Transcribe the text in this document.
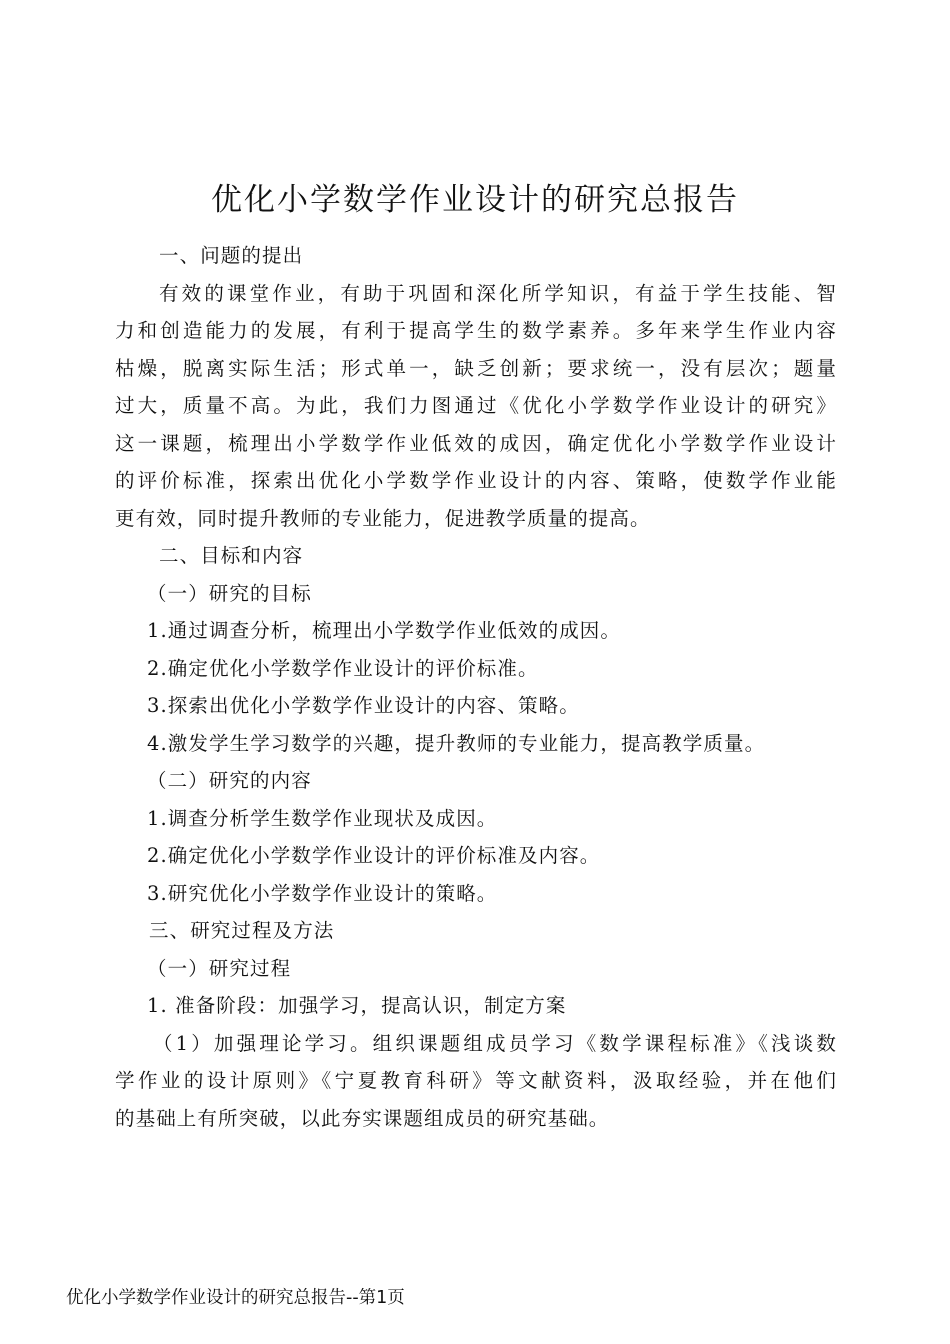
优化小学数学作业设计的研究总报告

一、问题的提出

有效的课堂作业，有助于巩固和深化所学知识，有益于学生技能、智

力和创造能力的发展，有利于提高学生的数学素养。多年来学生作业内容

枯燥，脱离实际生活；形式单一，缺乏创新；要求统一，没有层次；题量

过大，质量不高。为此，我们力图通过《优化小学数学作业设计的研究》

这一课题，梳理出小学数学作业低效的成因，确定优化小学数学作业设计

的评价标准，探索出优化小学数学作业设计的内容、策略，使数学作业能

更有效，同时提升教师的专业能力，促进教学质量的提高。

二、目标和内容

（一）研究的目标

1.通过调查分析，梳理出小学数学作业低效的成因。

2.确定优化小学数学作业设计的评价标准。

3.探索出优化小学数学作业设计的内容、策略。

4.激发学生学习数学的兴趣，提升教师的专业能力，提高教学质量。

（二）研究的内容

1.调查分析学生数学作业现状及成因。

2.确定优化小学数学作业设计的评价标准及内容。

3.研究优化小学数学作业设计的策略。

三、研究过程及方法

（一）研究过程

1. 准备阶段：加强学习，提高认识，制定方案

（1）加强理论学习。组织课题组成员学习《数学课程标准》《浅谈数

学作业的设计原则》《宁夏教育科研》等文献资料，汲取经验，并在他们

的基础上有所突破，以此夯实课题组成员的研究基础。

优化小学数学作业设计的研究总报告--第1页
